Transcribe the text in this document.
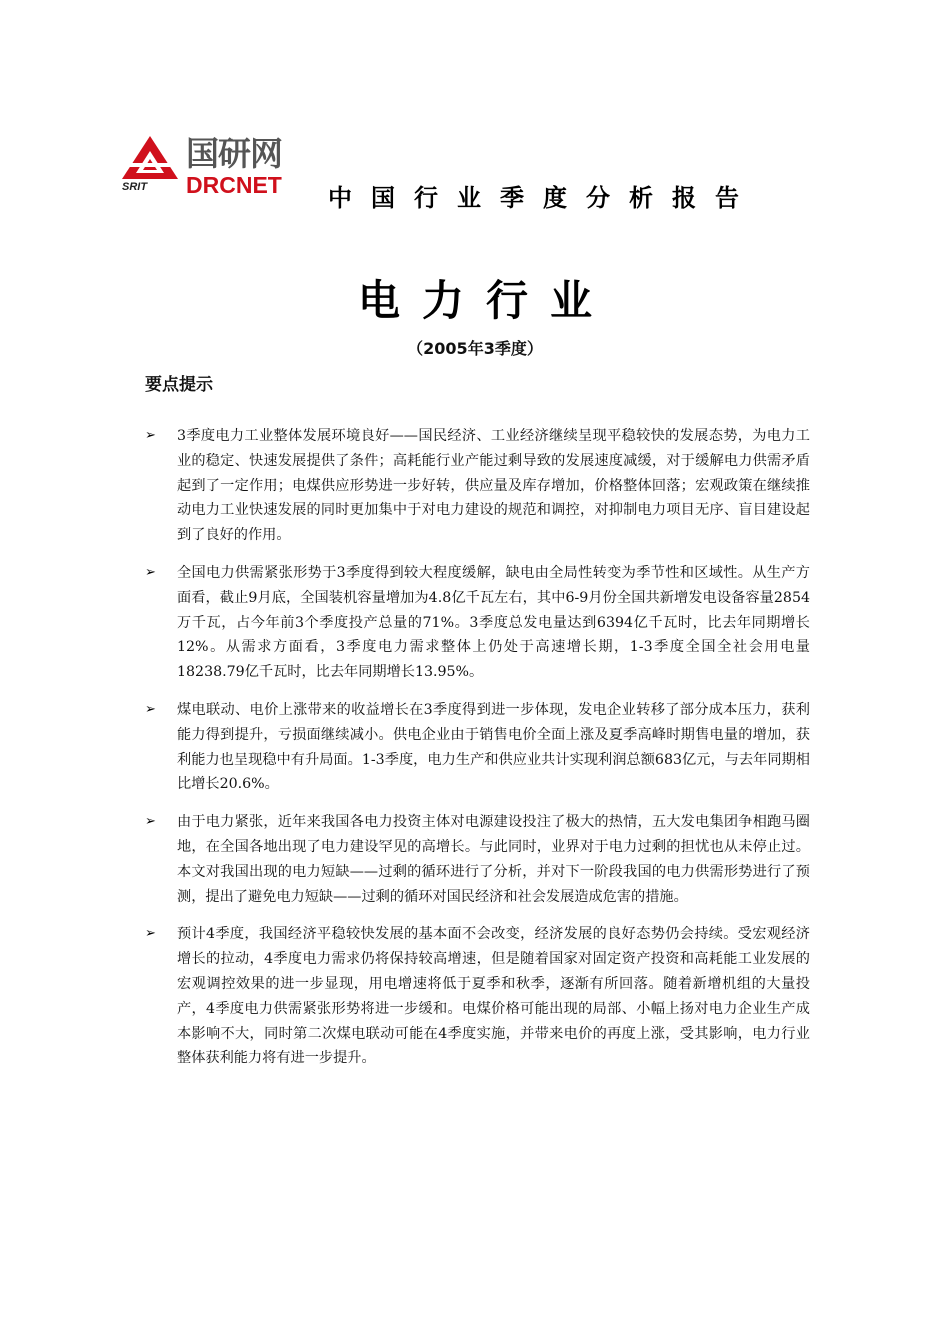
国研网
SRIT DRCNET 中国行业季度分析报告
电力行业
（2005年3季度）
要点提示
➢ 3季度电力工业整体发展环境良好——国民经济、工业经济继续呈现平稳较快的发展态势，为电力工业的稳定、快速发展提供了条件；高耗能行业产能过剩导致的发展速度减缓，对于缓解电力供需矛盾起到了一定作用；电煤供应形势进一步好转，供应量及库存增加，价格整体回落；宏观政策在继续推动电力工业快速发展的同时更加集中于对电力建设的规范和调控，对抑制电力项目无序、盲目建设起到了良好的作用。
➢ 全国电力供需紧张形势于3季度得到较大程度缓解，缺电由全局性转变为季节性和区域性。从生产方面看，截止9月底，全国装机容量增加为4.8亿千瓦左右，其中6-9月份全国共新增发电设备容量2854万千瓦，占今年前3个季度投产总量的71%。3季度总发电量达到6394亿千瓦时，比去年同期增长12%。从需求方面看，3季度电力需求整体上仍处于高速增长期，1-3季度全国全社会用电量18238.79亿千瓦时，比去年同期增长13.95%。
➢ 煤电联动、电价上涨带来的收益增长在3季度得到进一步体现，发电企业转移了部分成本压力，获利能力得到提升，亏损面继续减小。供电企业由于销售电价全面上涨及夏季高峰时期售电量的增加，获利能力也呈现稳中有升局面。1-3季度，电力生产和供应业共计实现利润总额683亿元，与去年同期相比增长20.6%。
➢ 由于电力紧张，近年来我国各电力投资主体对电源建设投注了极大的热情，五大发电集团争相跑马圈地，在全国各地出现了电力建设罕见的高增长。与此同时，业界对于电力过剩的担忧也从未停止过。本文对我国出现的电力短缺——过剩的循环进行了分析，并对下一阶段我国的电力供需形势进行了预测，提出了避免电力短缺——过剩的循环对国民经济和社会发展造成危害的措施。
➢ 预计4季度，我国经济平稳较快发展的基本面不会改变，经济发展的良好态势仍会持续。受宏观经济增长的拉动，4季度电力需求仍将保持较高增速，但是随着国家对固定资产投资和高耗能工业发展的宏观调控效果的进一步显现，用电增速将低于夏季和秋季，逐渐有所回落。随着新增机组的大量投产，4季度电力供需紧张形势将进一步缓和。电煤价格可能出现的局部、小幅上扬对电力企业生产成本影响不大，同时第二次煤电联动可能在4季度实施，并带来电价的再度上涨，受其影响，电力行业整体获利能力将有进一步提升。
